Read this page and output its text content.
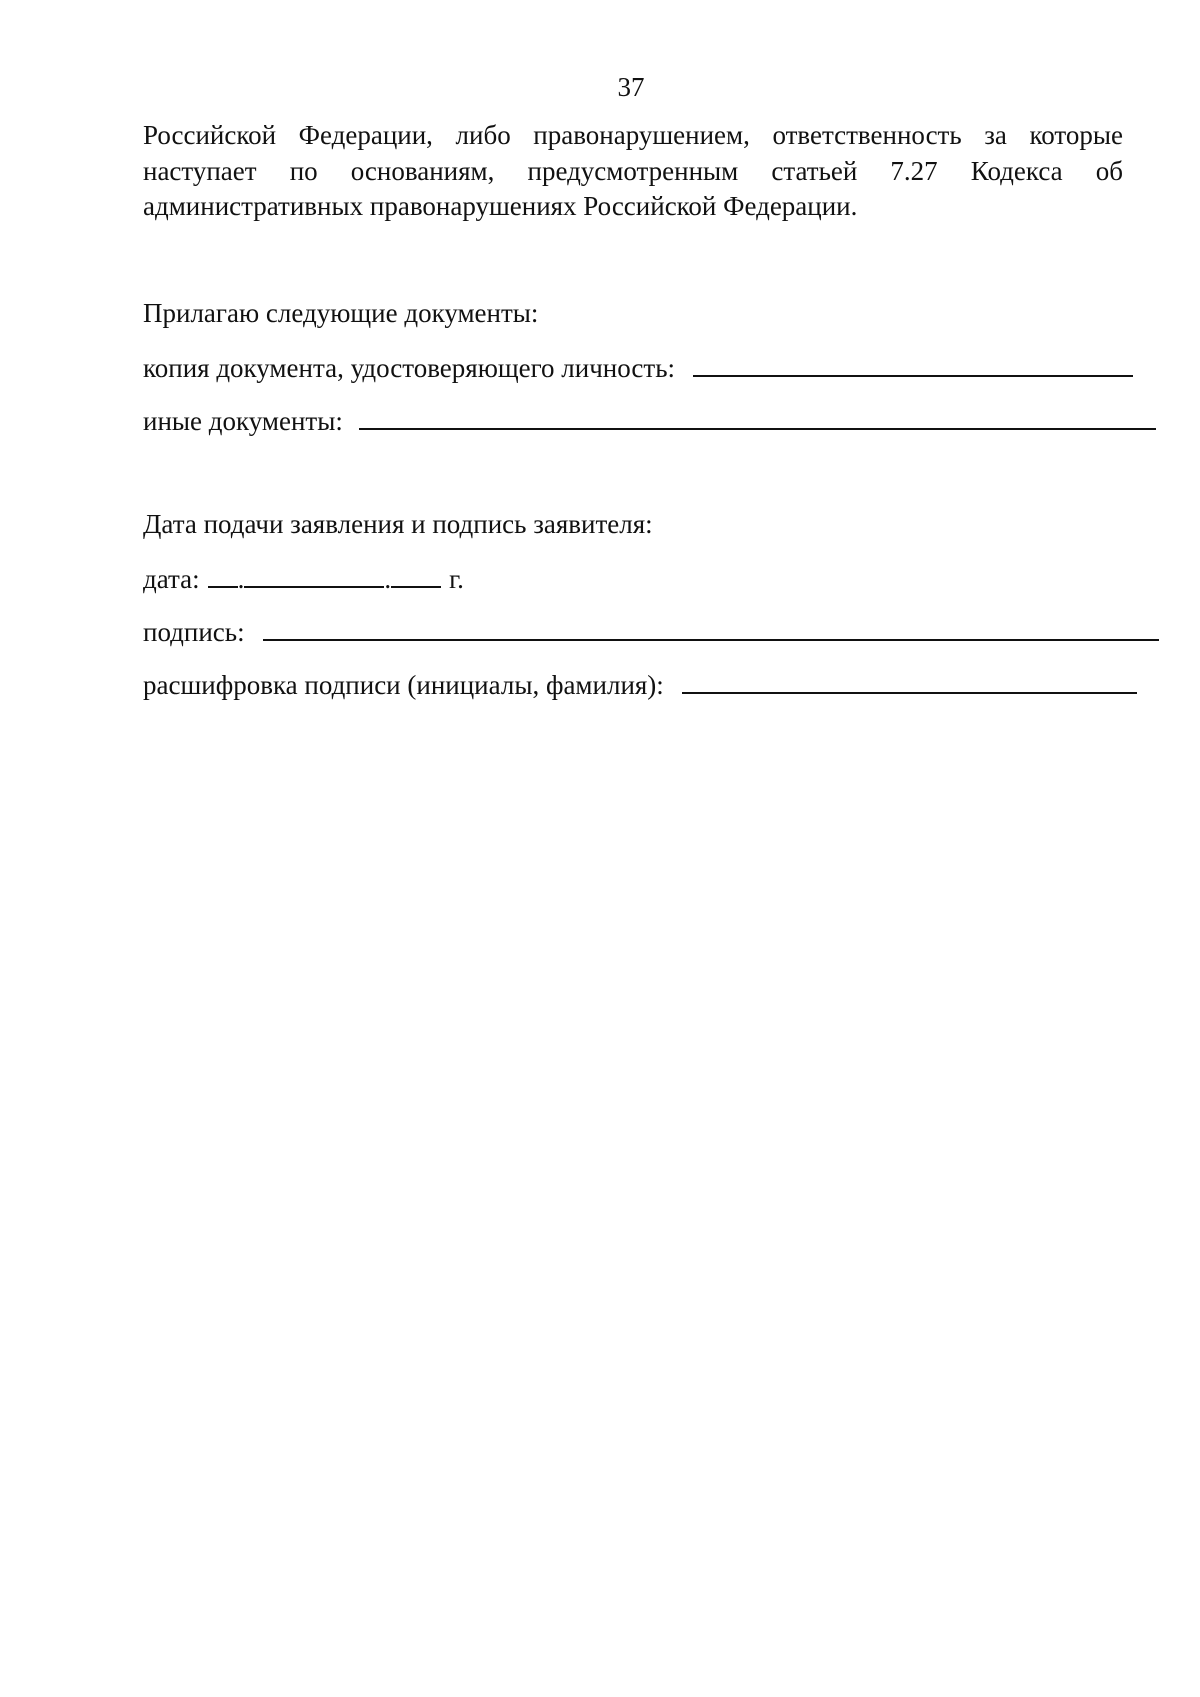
37

Российской Федерации, либо правонарушением, ответственность за которые
наступает по основаниям, предусмотренным статьей 7.27 Кодекса об
административных правонарушениях Российской Федерации.

Прилагаю следующие документы:
копия документа, удостоверяющего личность:
иные документы:
Дата подачи заявления и подпись заявителя:
дата: .	. г.
подпись:
расшифровка подписи (инициалы, фамилия):
